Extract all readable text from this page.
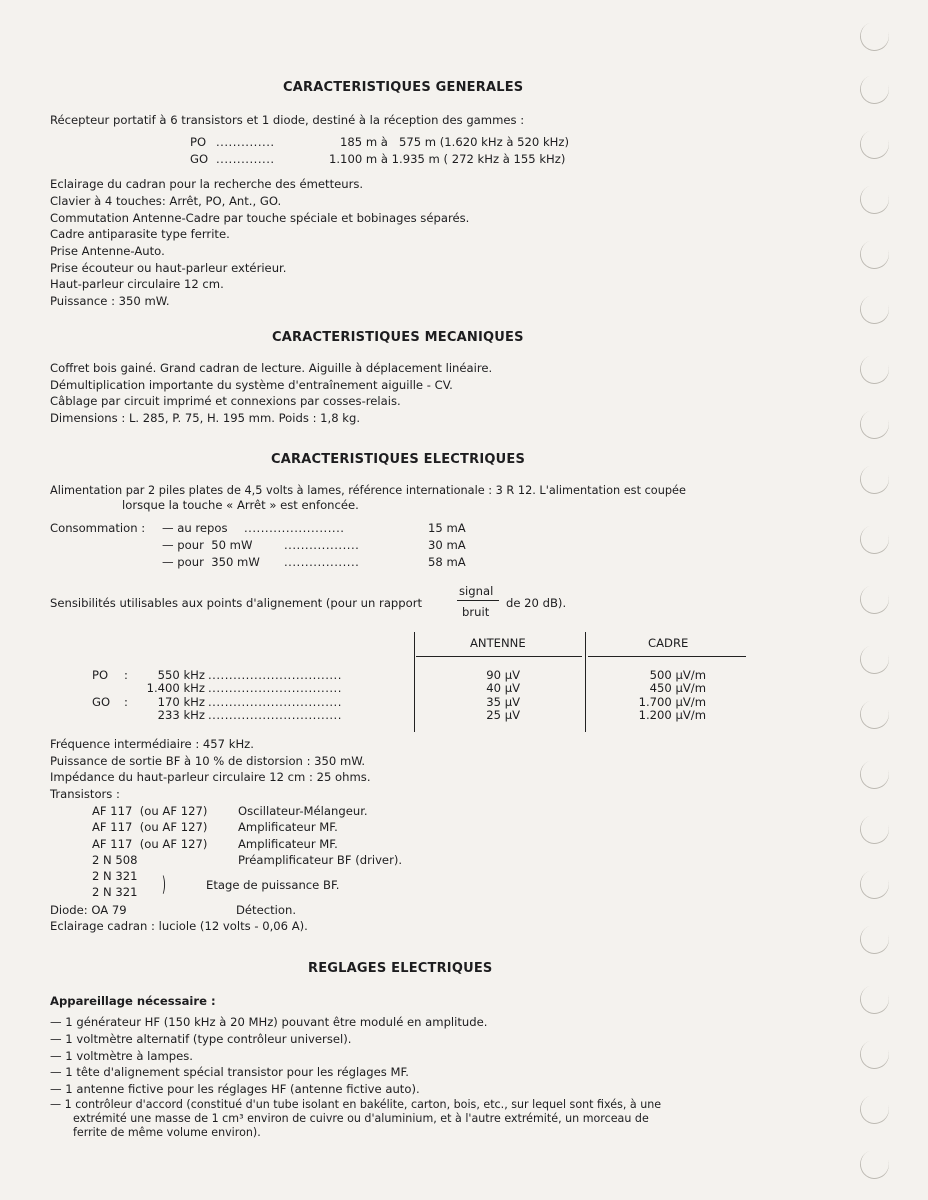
CARACTERISTIQUES GENERALES
Récepteur portatif à 6 transistors et 1 diode, destiné à la réception des gammes :
PO ..............	185 m à   575 m (1.620 kHz à 520 kHz)
GO ..............	1.100 m à 1.935 m ( 272 kHz à 155 kHz)
Eclairage du cadran pour la recherche des émetteurs.
Clavier à 4 touches: Arrêt, PO, Ant., GO.
Commutation Antenne-Cadre par touche spéciale et bobinages séparés.
Cadre antiparasite type ferrite.
Prise Antenne-Auto.
Prise écouteur ou haut-parleur extérieur.
Haut-parleur circulaire 12 cm.
Puissance : 350 mW.
CARACTERISTIQUES MECANIQUES
Coffret bois gainé. Grand cadran de lecture. Aiguille à déplacement linéaire.
Démultiplication importante du système d'entraînement aiguille - CV.
Câblage par circuit imprimé et connexions par cosses-relais.
Dimensions : L. 285, P. 75, H. 195 mm. Poids : 1,8 kg.
CARACTERISTIQUES ELECTRIQUES
Alimentation par 2 piles plates de 4,5 volts à lames, référence internationale : 3 R 12. L'alimentation est coupée
lorsque la touche « Arrêt » est enfoncée.
Consommation : — au repos ........................	15 mA
— pour  50 mW	..................	30 mA
— pour  350 mW ..................	58 mA
Sensibilités utilisables aux points d'alignement (pour un rapport
signal
bruit
de 20 dB).
ANTENNE	CADRE
PO :	550 kHz ................................	90 μV	500 μV/m
1.400 kHz ................................	40 μV	450 μV/m
GO :	170 kHz ................................	35 μV	1.700 μV/m
233 kHz ................................	25 μV	1.200 μV/m
Fréquence intermédiaire : 457 kHz.
Puissance de sortie BF à 10 % de distorsion : 350 mW.
Impédance du haut-parleur circulaire 12 cm : 25 ohms.
Transistors :
AF 117  (ou AF 127)	Oscillateur-Mélangeur.
AF 117  (ou AF 127)	Amplificateur MF.
AF 117  (ou AF 127)	Amplificateur MF.
2 N 508	Préamplificateur BF (driver).
2 N 321
2 N 321 )	Etage de puissance BF.
Diode: OA 79	Détection.
Eclairage cadran : luciole (12 volts - 0,06 A).
REGLAGES ELECTRIQUES
Appareillage nécessaire :
— 1 générateur HF (150 kHz à 20 MHz) pouvant être modulé en amplitude.
— 1 voltmètre alternatif (type contrôleur universel).
— 1 voltmètre à lampes.
— 1 tête d'alignement spécial transistor pour les réglages MF.
— 1 antenne fictive pour les réglages HF (antenne fictive auto).
— 1 contrôleur d'accord (constitué d'un tube isolant en bakélite, carton, bois, etc., sur lequel sont fixés, à une
extrémité une masse de 1 cm³ environ de cuivre ou d'aluminium, et à l'autre extrémité, un morceau de
ferrite de même volume environ).
